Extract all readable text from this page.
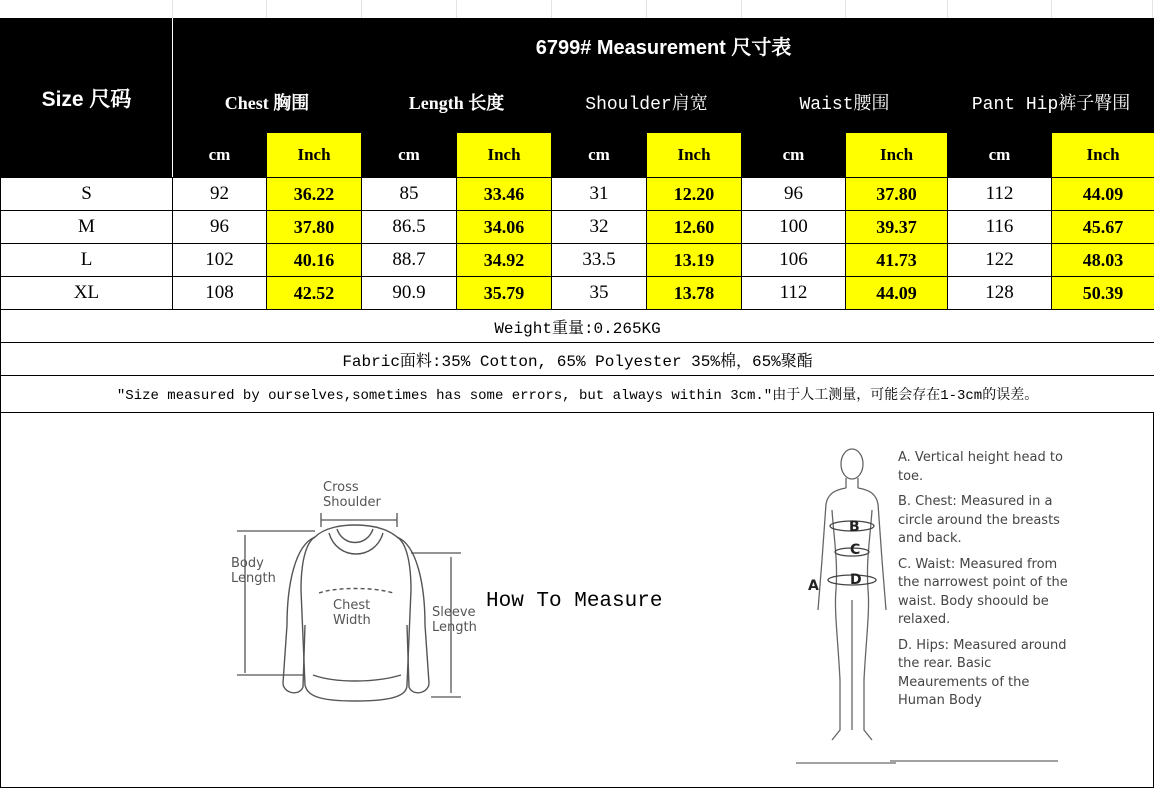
Size 尺码	6799# Measurement 尺寸表									
	Chest 胸围		Length 长度		Shoulder肩宽		Waist腰围		Pant Hip裤子臀围	
	cm	Inch	cm	Inch	cm	Inch	cm	Inch	cm	Inch
S	92	36.22	85	33.46	31	12.20	96	37.80	112	44.09
M	96	37.80	86.5	34.06	32	12.60	100	39.37	116	45.67
L	102	40.16	88.7	34.92	33.5	13.19	106	41.73	122	48.03
XL	108	42.52	90.9	35.79	35	13.78	112	44.09	128	50.39
Weight重量:0.265KG										
Fabric面料:35% Cotton, 65% Polyester 35%棉，65%聚酯										
"Size measured by ourselves,sometimes has some errors, but always within 3cm."由于人工测量，可能会存在1-3cm的误差。										
Cross
Shoulder
Body
Length
Chest
Width
Sleeve
Length
How To Measure
B
C
D
A

A. Vertical height head to toe.

B. Chest: Measured in a circle around the breasts and back.

C. Waist: Measured from the narrowest point of the waist. Body shoould be relaxed.

D. Hips: Measured around the rear. Basic Meaurements of the Human Body
